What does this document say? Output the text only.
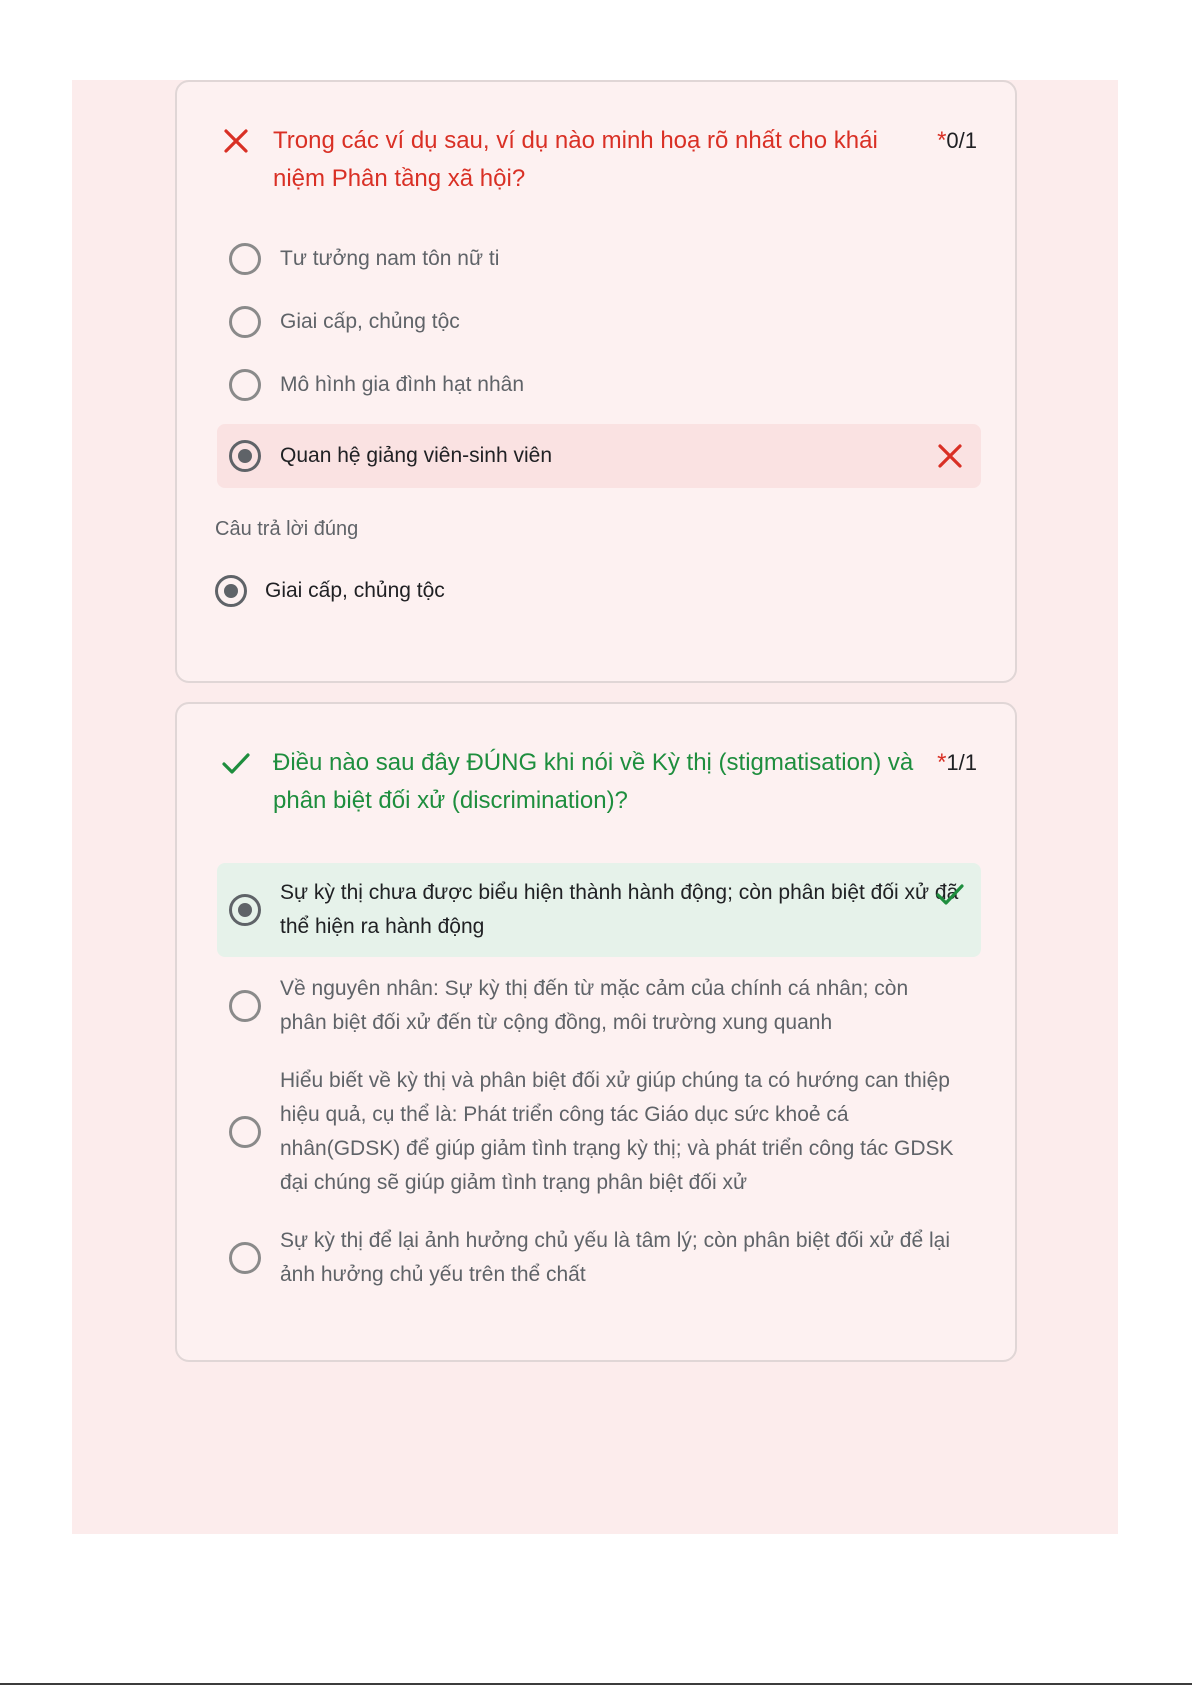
Trong các ví dụ sau, ví dụ nào minh hoạ rõ nhất cho khái niệm Phân tầng xã hội?
*0/1
Tư tưởng nam tôn nữ ti
Giai cấp, chủng tộc
Mô hình gia đình hạt nhân
Quan hệ giảng viên-sinh viên
Câu trả lời đúng
Giai cấp, chủng tộc
Điều nào sau đây ĐÚNG khi nói về Kỳ thị (stigmatisation) và phân biệt đối xử (discrimination)?
*1/1
Sự kỳ thị chưa được biểu hiện thành hành động; còn phân biệt đối xử đã thể hiện ra hành động
Về nguyên nhân: Sự kỳ thị đến từ mặc cảm của chính cá nhân; còn phân biệt đối xử đến từ cộng đồng, môi trường xung quanh
Hiểu biết về kỳ thị và phân biệt đối xử giúp chúng ta có hướng can thiệp hiệu quả, cụ thể là: Phát triển công tác Giáo dục sức khoẻ cá nhân(GDSK) để giúp giảm tình trạng kỳ thị; và phát triển công tác GDSK đại chúng sẽ giúp giảm tình trạng phân biệt đối xử
Sự kỳ thị để lại ảnh hưởng chủ yếu là tâm lý; còn phân biệt đối xử để lại ảnh hưởng chủ yếu trên thể chất
